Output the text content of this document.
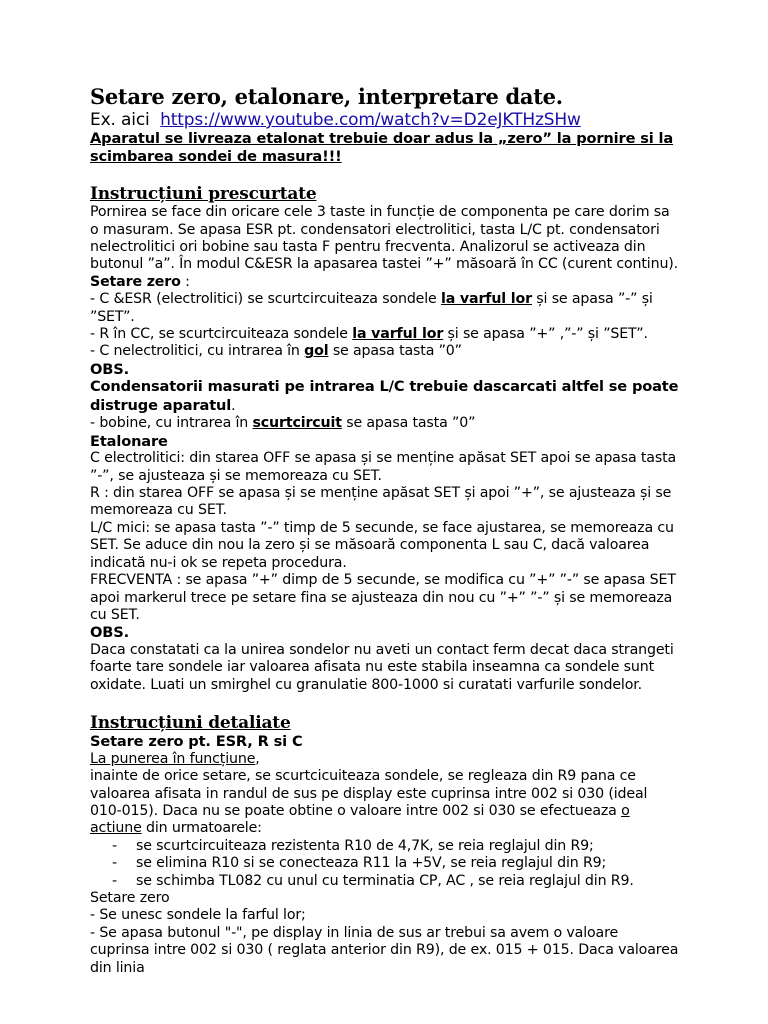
Setare zero, etalonare, interpretare date.

Ex. aici https://www.youtube.com/watch?v=D2eJKTHzSHw

Aparatul se livreaza etalonat trebuie doar adus la „zero” la pornire si la scimbarea sondei de masura!!!

Instrucțiuni prescurtate

Pornirea se face din oricare cele 3 taste in funcție de componenta pe care dorim sa o masuram. Se apasa ESR pt. condensatori electrolitici, tasta L/C pt. condensatori nelectrolitici ori bobine sau tasta F pentru frecventa. Analizorul se activeaza din butonul ”a”. În modul C&ESR la apasarea tastei ”+” măsoară în CC (curent continu).

Setare zero :

- C &ESR (electrolitici) se scurtcircuiteaza sondele la varful lor și se apasa ”-” și ”SET”.

- R în CC, se scurtcircuiteaza sondele la varful lor și se apasa ”+” ,”-” și ”SET”.

- C nelectrolitici, cu intrarea în gol se apasa tasta ”0”

OBS.

Condensatorii masurati pe intrarea L/C trebuie dascarcati altfel se poate distruge aparatul.

- bobine, cu intrarea în scurtcircuit se apasa tasta ”0”

Etalonare

C electrolitici: din starea OFF se apasa și se menține apăsat SET apoi se apasa tasta ”-”, se ajusteaza și se memoreaza cu SET.

R : din starea OFF se apasa și se menține apăsat SET și apoi ”+”, se ajusteaza și se memoreaza cu SET.

L/C mici: se apasa tasta ”-” timp de 5 secunde, se face ajustarea, se memoreaza cu SET. Se aduce din nou la zero și se măsoară componenta L sau C, dacă valoarea indicată nu-i ok se repeta procedura.

FRECVENTA : se apasa ”+” dimp de 5 secunde, se modifica cu ”+” ”-” se apasa SET apoi markerul trece pe setare fina se ajusteaza din nou cu ”+” ”-” și se memoreaza cu SET.

OBS.

Daca constatati ca la unirea sondelor nu aveti un contact ferm decat daca strangeti foarte tare sondele iar valoarea afisata nu este stabila inseamna ca sondele sunt oxidate. Luati un smirghel cu granulatie 800-1000 si curatati varfurile sondelor.

Instrucțiuni detaliate

Setare zero pt. ESR, R si C

La punerea în funcțiune,

inainte de orice setare, se scurtcicuiteaza sondele, se regleaza din R9 pana ce valoarea afisata in randul de sus pe display este cuprinsa intre 002 si 030 (ideal 010-015). Daca nu se poate obtine o valoare intre 002 si 030 se efectueaza o actiune din urmatoarele:

- se scurtcircuiteaza rezistenta R10 de 4,7K, se reia reglajul din R9;
- se elimina R10 si se conecteaza R11 la +5V, se reia reglajul din R9;
- se schimba TL082 cu unul cu terminatia CP, AC , se reia reglajul din R9.

Setare zero

- Se unesc sondele la farful lor;

- Se apasa butonul "-", pe display in linia de sus ar trebui sa avem o valoare cuprinsa intre 002 si 030 ( reglata anterior din R9), de ex. 015 + 015. Daca valoarea din linia
